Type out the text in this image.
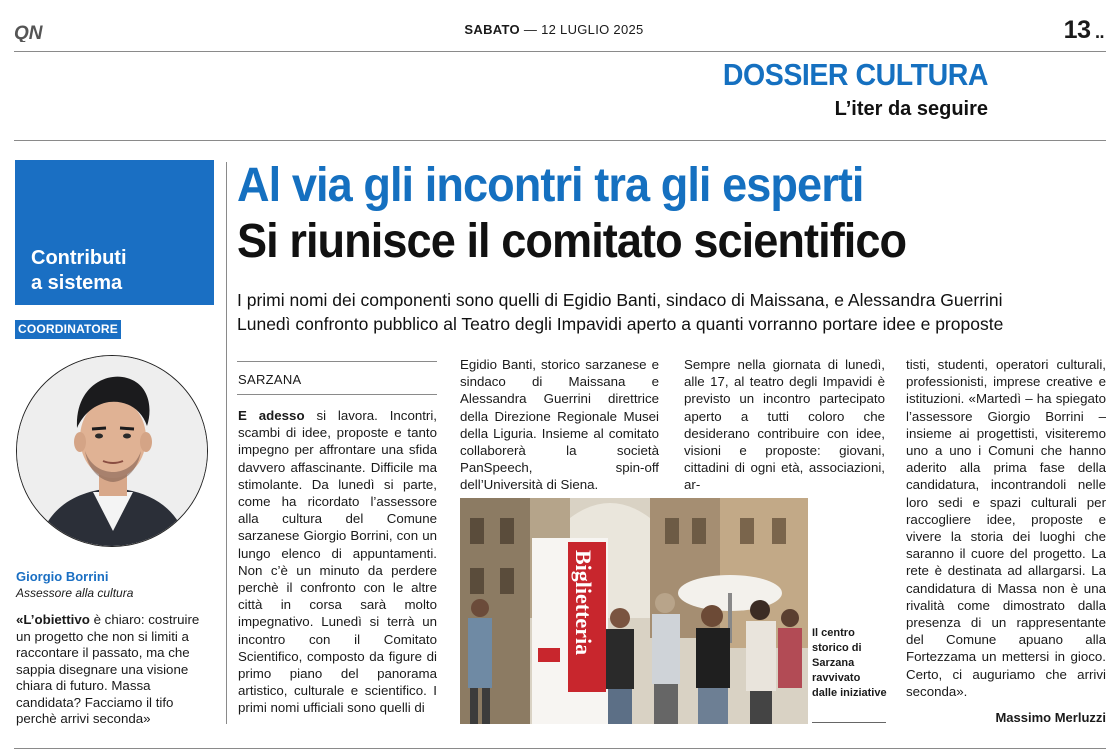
QN	SABATO — 12 LUGLIO 2025	13 ..
DOSSIER CULTURA
L’iter da seguire
Contributi
a sistema
COORDINATORE
Giorgio Borrini
Assessore alla cultura
«L’obiettivo è chiaro: costruire un progetto che non si limiti a raccontare il passato, ma che sappia disegnare una visione chiara di futuro. Massa candidata? Facciamo il tifo perchè arrivi seconda»
Al via gli incontri tra gli esperti
Si riunisce il comitato scientifico
I primi nomi dei componenti sono quelli di Egidio Banti, sindaco di Maissana, e Alessandra Guerrini
Lunedì confronto pubblico al Teatro degli Impavidi aperto a quanti vorranno portare idee e proposte
SARZANA
E adesso si lavora. Incontri, scambi di idee, proposte e tanto impegno per affrontare una sfida davvero affascinante. Difficile ma stimolante. Da lunedì si parte, come ha ricordato l’assessore alla cultura del Comune sarzanese Giorgio Borrini, con un lungo elenco di appuntamenti. Non c’è un minuto da perdere perchè il confronto con le altre città in corsa sarà molto impegnativo. Lunedì si terrà un incontro con il Comitato Scientifico, composto da figure di primo piano del panorama artistico, culturale e scientifico. I primi nomi ufficiali sono quelli di
Egidio Banti, storico sarzanese e sindaco di Maissana e Alessandra Guerrini direttrice della Direzione Regionale Musei della Liguria. Insieme al comitato collaborerà la società PanSpeech, spin-off dell’Università di Siena.
Sempre nella giornata di lunedì, alle 17, al teatro degli Impavidi è previsto un incontro partecipato aperto a tutti coloro che desiderano contribuire con idee, visioni e proposte: giovani, cittadini di ogni età, associazioni, ar-
tisti, studenti, operatori culturali, professionisti, imprese creative e istituzioni. «Martedì – ha spiegato l’assessore Giorgio Borrini – insieme ai progettisti, visiteremo uno a uno i Comuni che hanno aderito alla prima fase della candidatura, incontrandoli nelle loro sedi e spazi culturali per raccogliere idee, proposte e vivere la storia dei luoghi che saranno il cuore del progetto. La rete è destinata ad allargarsi. La candidatura di Massa non è una rivalità come dimostrato dalla presenza di un rappresentante del Comune apuano alla Fortezzama un mettersi in gioco. Certo, ci auguriamo che arrivi seconda».
Massimo Merluzzi
Biglietteria	Il centro storico di Sarzana ravvivato dalle iniziative
